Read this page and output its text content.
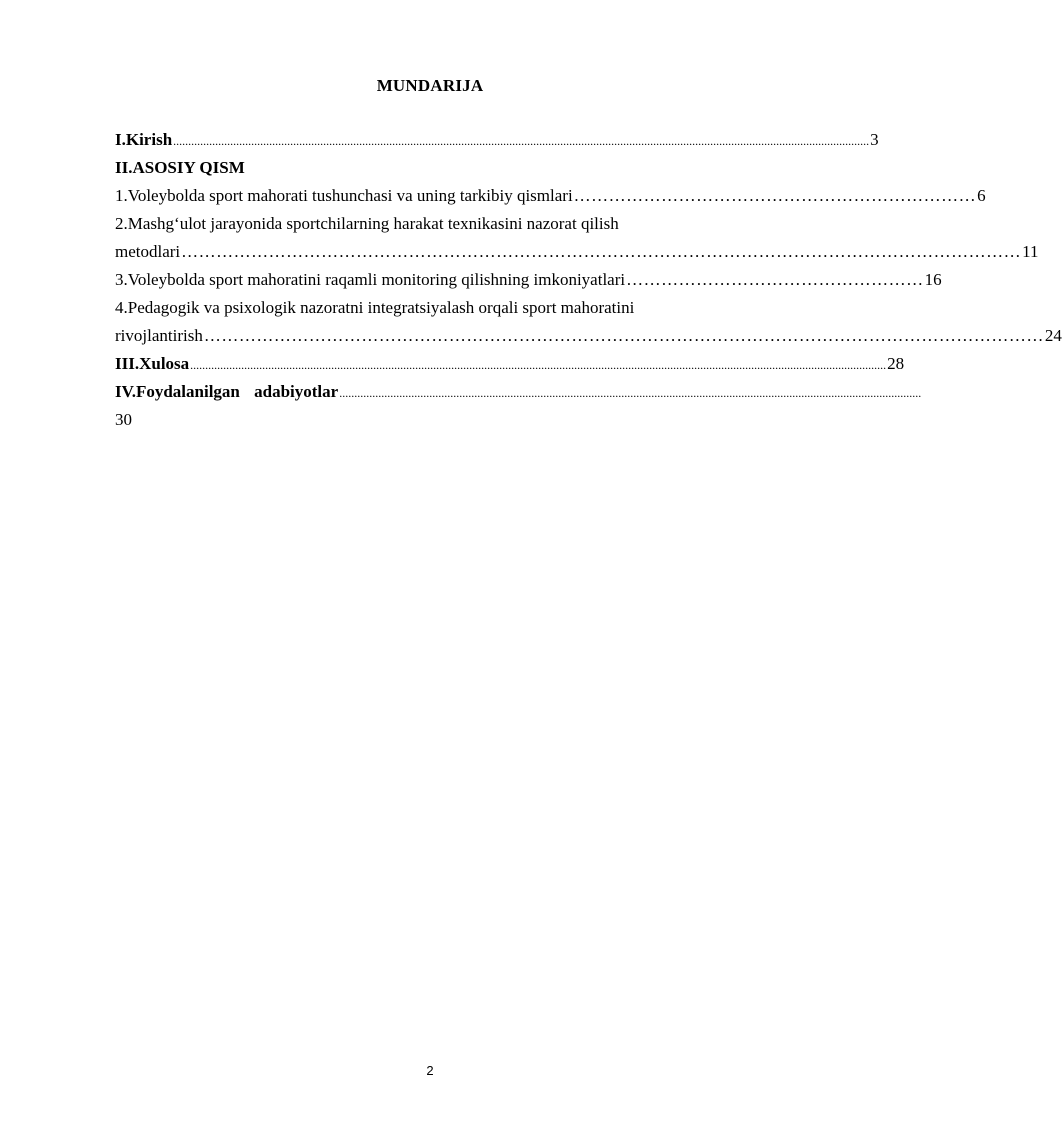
MUNDARIJA
I.Kirish ........................................................................................................................................................................................................................................ 3
II.ASOSIY QISM
1.Voleybolda sport mahorati tushunchasi va uning tarkibiy qismlari …………………………………………………………… 6
2.Mashg‘ulot jarayonida sportchilarning harakat texnikasini nazorat qilish
metodlari ……………………………………………………………………………………………………………………………… 11
3.Voleybolda sport mahoratini raqamli monitoring qilishning imkoniyatlari …………………………………………… 16
4.Pedagogik va psixologik nazoratni integratsiyalash orqali sport mahoratini
rivojlantirish ……………………………………………………………………………………………………………………………… 24
III.Xulosa ........................................................................................................................................................................................................................................ 28
IV.Foydalanilgan adabiyotlar ..................................................................................................................................................................................................
30
2
